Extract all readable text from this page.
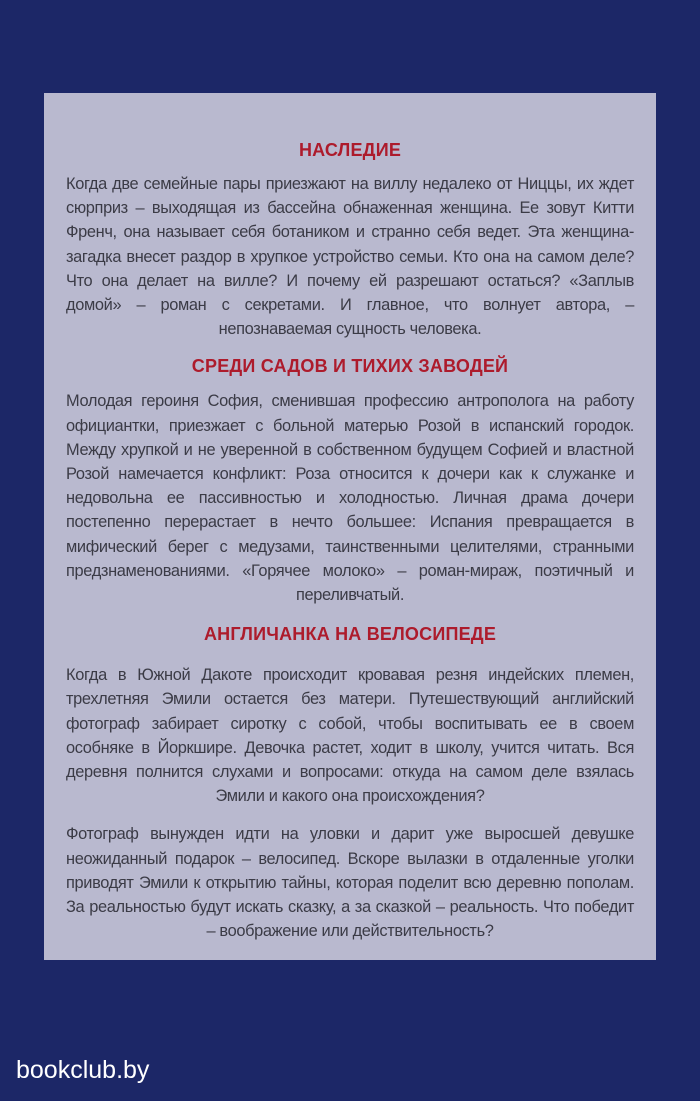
НАСЛЕДИЕ

Когда две семейные пары приезжают на виллу недалеко от Ниццы, их ждет сюрприз – выходящая из бассейна обнаженная женщина. Ее зовут Китти Френч, она называет себя ботаником и странно себя ведет. Эта женщина-загадка внесет раздор в хрупкое устройство семьи. Кто она на самом деле? Что она делает на вилле? И почему ей разрешают остаться? «Заплыв домой» – роман с секретами. И главное, что волнует автора, – непознаваемая сущность человека.

СРЕДИ САДОВ И ТИХИХ ЗАВОДЕЙ

Молодая героиня София, сменившая профессию антрополога на работу официантки, приезжает с больной матерью Розой в испанский городок. Между хрупкой и не уверенной в собственном будущем Софией и властной Розой намечается конфликт: Роза относится к дочери как к служанке и недовольна ее пассивностью и холодностью. Личная драма дочери постепенно перерастает в нечто большее: Испания превращается в мифический берег с медузами, таинственными целителями, странными предзнаменованиями. «Горячее молоко» – роман-мираж, поэтичный и переливчатый.

АНГЛИЧАНКА НА ВЕЛОСИПЕДЕ

Когда в Южной Дакоте происходит кровавая резня индейских племен, трехлетняя Эмили остается без матери. Путешествующий английский фотограф забирает сиротку с собой, чтобы воспитывать ее в своем особняке в Йоркшире. Девочка растет, ходит в школу, учится читать. Вся деревня полнится слухами и вопросами: откуда на самом деле взялась Эмили и какого она происхождения?

Фотограф вынужден идти на уловки и дарит уже выросшей девушке неожиданный подарок – велосипед. Вскоре вылазки в отдаленные уголки приводят Эмили к открытию тайны, которая поделит всю деревню пополам. За реальностью будут искать сказку, а за сказкой – реальность. Что победит – воображение или действительность?

bookclub.by
